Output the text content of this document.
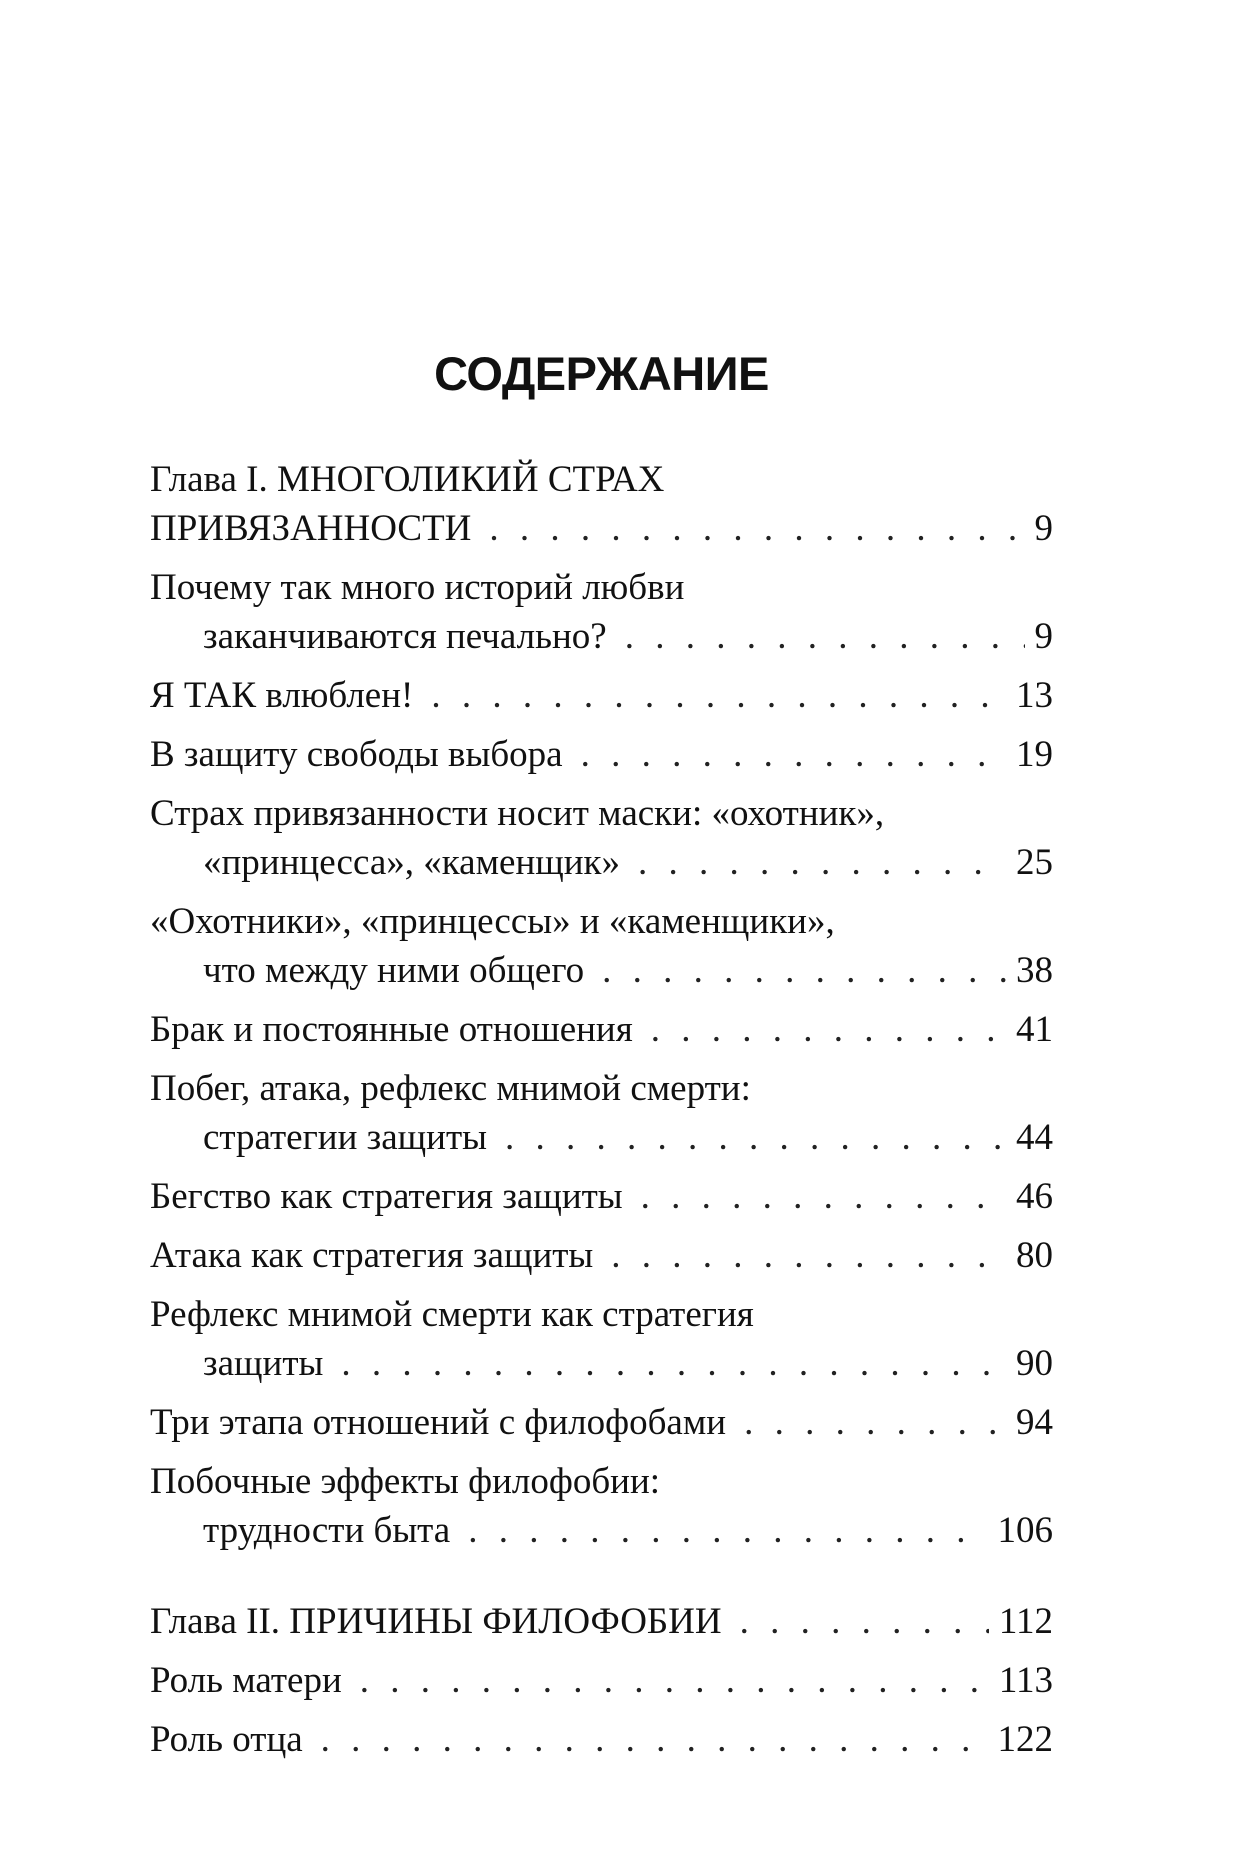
СОДЕРЖАНИЕ
Глава I. МНОГОЛИКИЙ СТРАХ
ПРИВЯЗАННОСТИ . . .	9
Почему так много историй любви
заканчиваются печально? . . .	9
Я ТАК влюблен! . . .	13
В защиту свободы выбора . . .	19
Страх привязанности носит маски: «охотник»,
«принцесса», «каменщик» . . .	25
«Охотники», «принцессы» и «каменщики»,
что между ними общего . . .	38
Брак и постоянные отношения . . .	41
Побег, атака, рефлекс мнимой смерти:
стратегии защиты . . .	44
Бегство как стратегия защиты . . .	46
Атака как стратегия защиты . . .	80
Рефлекс мнимой смерти как стратегия
защиты . . .	90
Три этапа отношений с филофобами . . .	94
Побочные эффекты филофобии:
трудности быта . . .	106
Глава II. ПРИЧИНЫ ФИЛОФОБИИ . . .	112
Роль матери . . .	113
Роль отца . . .	122
